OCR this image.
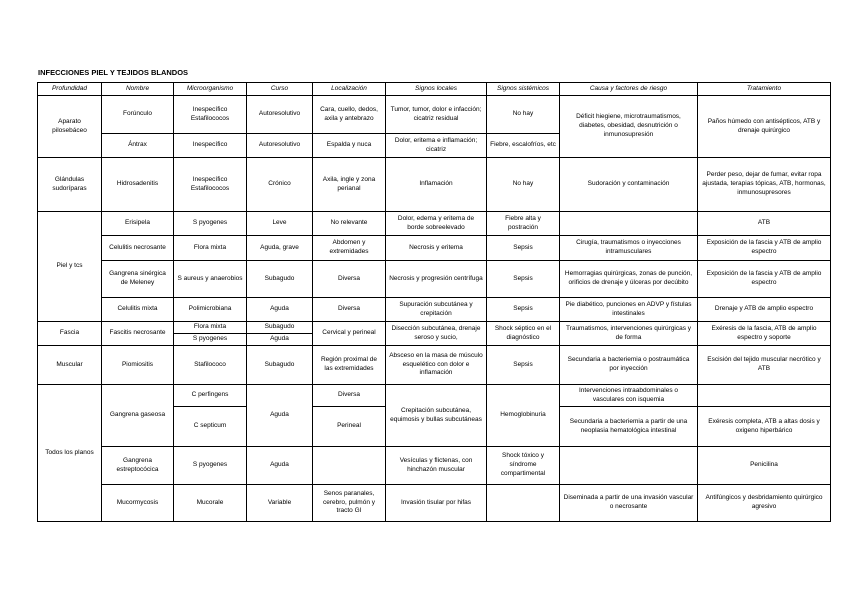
INFECCIONES PIEL Y TEJIDOS BLANDOS
Profundidad	Nombre	Microorganismo	Curso	Localización	Signos locales	Signos sistémicos	Causa y factores de riesgo	Tratamiento
Aparato pilosebáceo	Forúnculo	Inespecífico Estafilococos	Autoresolutivo	Cara, cuello, dedos, axila y antebrazo	Tumor, tumor, dolor e infacción; cicatriz residual	No hay	Déficit hiegiene, microtraumatismos, diabetes, obesidad, desnutrición o inmunosupresión	Paños húmedo con antisépticos, ATB y drenaje quirúrgico
	Ántrax	Inespecífico	Autoresolutivo	Espalda y nuca	Dolor, eritema e inflamación; cicatriz	Fiebre, escalofríos, etc		
Glándulas sudoríparas	Hidrosadenitis	Inespecífico Estafilococos	Crónico	Axila, ingle y zona perianal	Inflamación	No hay	Sudoración y contaminación	Perder peso, dejar de fumar, evitar ropa ajustada, terapias tópicas, ATB, hormonas, inmunosupresores
Piel y tcs	Erisipela	S pyogenes	Leve	No relevante	Dolor, edema y eritema de borde sobreelevado	Fiebre alta y postración		ATB
	Celulitis necrosante	Flora mixta	Aguda, grave	Abdomen y extremidades	Necrosis y eritema	Sepsis	Cirugía, traumatismos o inyecciones intramusculares	Exposición de la fascia y ATB de amplio espectro
	Gangrena sinérgica de Meleney	S aureus y anaerobios	Subagudo	Diversa	Necrosis y progresión centrífuga	Sepsis	Hemorragias quirúrgicas, zonas de punción, orificios de drenaje y úlceras por decúbito	Exposición de la fascia y ATB de amplio espectro
	Celulitis mixta	Polimicrobiana	Aguda	Diversa	Supuración subcutánea y crepitación	Sepsis	Pie diabético, punciones en ADVP y fístulas intestinales	Drenaje y ATB de amplio espectro
Fascia	Fascitis necrosante	Flora mixta	Subagudo	Cervical y perineal	Disección subcutánea, drenaje seroso y sucio,	Shock séptico en el diagnóstico	Traumatismos, intervenciones quirúrgicas y de forma	Exéresis de la fascia, ATB de amplio espectro y soporte
		S pyogenes	Aguda					
Muscular	Piomiositis	Stafilococo	Subagudo	Región proximal de las extremidades	Absceso en la masa de músculo esquelético con dolor e inflamación	Sepsis	Secundaria a bacteriemia o postraumática por inyección	Escisión del tejido muscular necrótico y ATB
Todos los planos	Gangrena gaseosa	C perfingens	Aguda	Diversa	Crepitación subcutánea, equimosis y bullas subcutáneas	Hemoglobinuria	Intervenciones intraabdominales o vasculares con isquemia	
		C septicum		Perineal			Secundaria a bacteriemia a partir de una neoplasia hematológica intestinal	Exéresis completa, ATB a altas dosis y oxigeno hiperbárico
	Gangrena estreptocócica	S pyogenes	Aguda		Vesículas y flictenas, con hinchazón muscular	Shock tóxico y síndrome compartimental		Penicilina
	Mucormycosis	Mucorale	Variable	Senos paranales, cerebro, pulmón y tracto GI	Invasión tisular por hifas		Diseminada a partir de una invasión vascular o necrosante	Antifúngicos y desbridamiento quirúrgico agresivo
